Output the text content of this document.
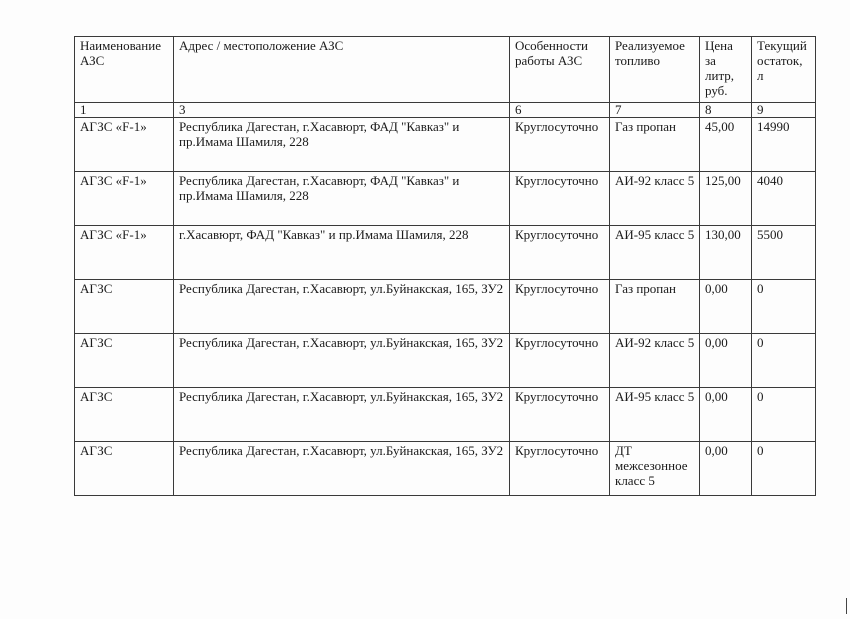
Наименование АЗС	Адрес / местоположение АЗС	Особенности работы АЗС	Реализуемое топливо	Цена за литр, руб.	Текущий остаток, л
1	3	6	7	8	9
АГЗС «F-1»	Республика Дагестан, г.Хасавюрт, ФАД "Кавказ" и пр.Имама Шамиля, 228	Круглосуточно	Газ пропан	45,00	14990
АГЗС «F-1»	Республика Дагестан, г.Хасавюрт, ФАД "Кавказ" и пр.Имама Шамиля, 228	Круглосуточно	АИ-92 класс 5	125,00	4040
АГЗС «F-1»	г.Хасавюрт, ФАД "Кавказ" и пр.Имама Шамиля, 228	Круглосуточно	АИ-95 класс 5	130,00	5500
АГЗС	Республика Дагестан, г.Хасавюрт, ул.Буйнакская, 165, ЗУ2	Круглосуточно	Газ пропан	0,00	0
АГЗС	Республика Дагестан, г.Хасавюрт, ул.Буйнакская, 165, ЗУ2	Круглосуточно	АИ-92 класс 5	0,00	0
АГЗС	Республика Дагестан, г.Хасавюрт, ул.Буйнакская, 165, ЗУ2	Круглосуточно	АИ-95 класс 5	0,00	0
АГЗС	Республика Дагестан, г.Хасавюрт, ул.Буйнакская, 165, ЗУ2	Круглосуточно	ДТ межсезонное класс 5	0,00	0
